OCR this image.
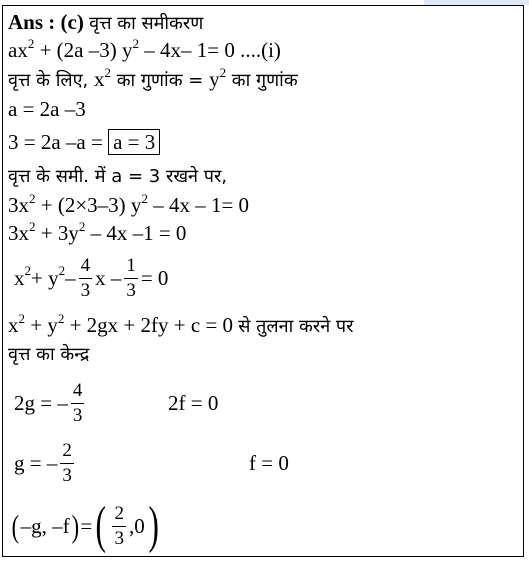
Ans : (c) वृत्त का समीकरण
$ax^2 + (2a$ –3) $y^2 - 4x-$ 1= 0 ....(i)
वृत्त के लिए, $x^2$ का गुणांक = $y^2$ का गुणांक
a = 2a –3
3 = 2a –a = a = 3
वृत्त के समी. में a = 3 रखने पर,
$3x^2 + (2\times 3-3)$ $y^2 - 4x - 1= 0$
$3x^2 + 3y^2 - 4x$ –1 = 0
$x^2 + y^2 - \frac{4}{3}$ $x - \frac{1}{3} = 0$
$x^2 + y^2 + 2gx + 2fy + c = 0$ से तुलना करने पर
वृत्त का केन्द्र
2g = – $\frac{4}{3}$	2f = 0
g = – $\frac{2}{3}$	f = 0
( –g, –f ) = ( $\frac{2}{3} ,0$ )
